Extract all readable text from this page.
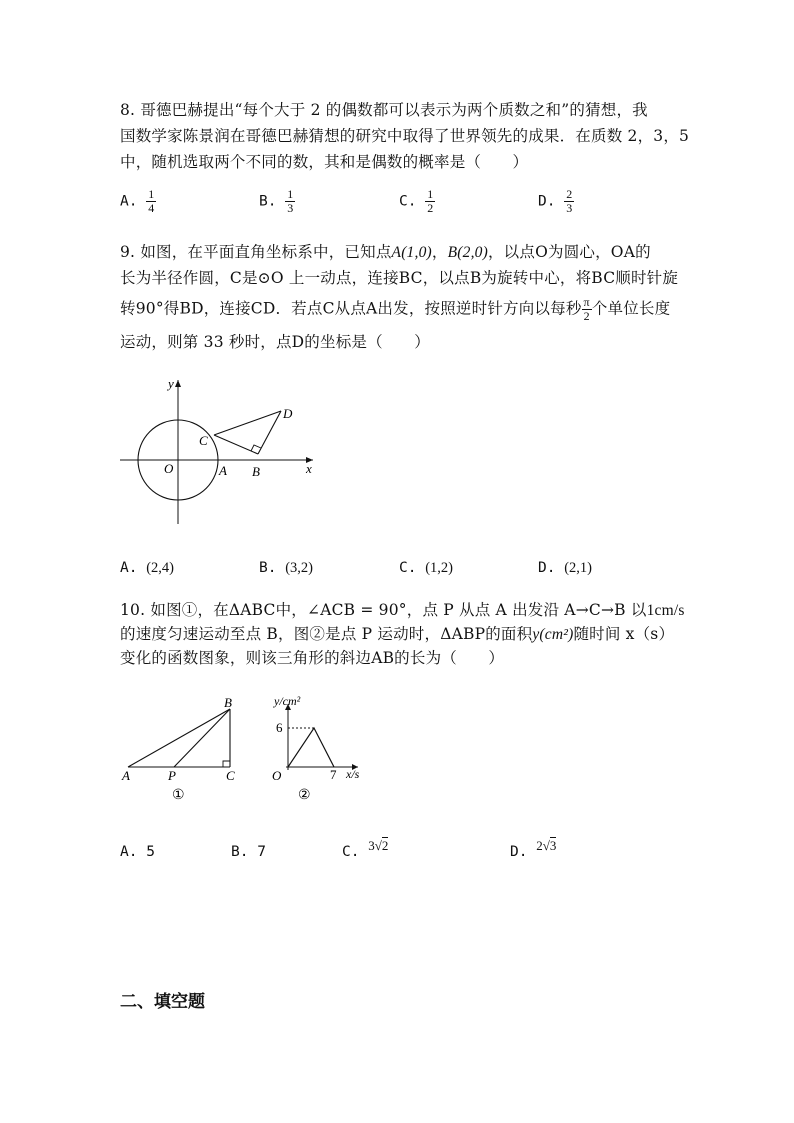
8. 哥德巴赫提出“每个大于 2 的偶数都可以表示为两个质数之和”的猜想，我
国数学家陈景润在哥德巴赫猜想的研究中取得了世界领先的成果．在质数 2，3，5
中，随机选取两个不同的数，其和是偶数的概率是（　　）
A. $\frac{1}{4}$	B. $\frac{1}{3}$	C. $\frac{1}{2}$	D. $\frac{2}{3}$
9. 如图，在平面直角坐标系中，已知点A(1,0)，B(2,0)，以点O为圆心，OA的
长为半径作圆，C是⊙O 上一动点，连接BC，以点B为旋转中心，将BC顺时针旋
转90°得BD，连接CD．若点C从点A出发，按照逆时针方向以每秒 $\frac{\pi}{2}$ 个单位长度
运动，则第 33 秒时，点D的坐标是（　　）
y
x
O	A B
C
D
A. (2,4)	B. (3,2)	C. (1,2)	D. (2,1)
10. 如图①，在ΔABC中，∠ACB = 90°，点 P 从点 A 出发沿 A→C→B 以1cm/s
的速度匀速运动至点 B，图②是点 P 运动时，ΔABP的面积y(cm²)随时间 x（s）
变化的函数图象，则该三角形的斜边AB的长为（　　）
A	P	C
B
①
y/cm²
6
O	7 x/s
②
A. 5	B. 7	C. 3√2	D. 2√3
二、填空题
